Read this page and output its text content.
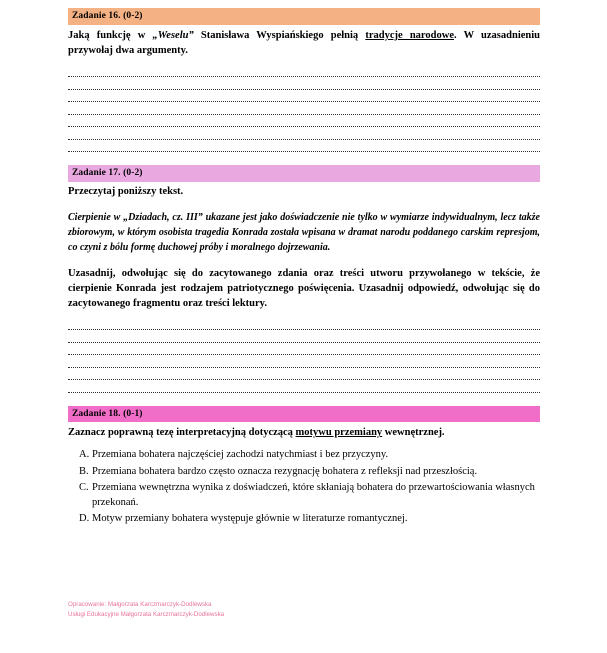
Zadanie 16. (0-2)
Jaką funkcję w „Weselu” Stanisława Wyspiańskiego pełnią tradycje narodowe. W uzasadnieniu przywołaj dwa argumenty.
Zadanie 17. (0-2)
Przeczytaj poniższy tekst.
Cierpienie w „Dziadach, cz. III” ukazane jest jako doświadczenie nie tylko w wymiarze indywidualnym, lecz także zbiorowym, w którym osobista tragedia Konrada została wpisana w dramat narodu poddanego carskim represjom, co czyni z bólu formę duchowej próby i moralnego dojrzewania.
Uzasadnij, odwołując się do zacytowanego zdania oraz treści utworu przywołanego w tekście, że cierpienie Konrada jest rodzajem patriotycznego poświęcenia. Uzasadnij odpowiedź, odwołując się do zacytowanego fragmentu oraz treści lektury.
Zadanie 18. (0-1)
Zaznacz poprawną tezę interpretacyjną dotyczącą motywu przemiany wewnętrznej.
A. Przemiana bohatera najczęściej zachodzi natychmiast i bez przyczyny.
B. Przemiana bohatera bardzo często oznacza rezygnację bohatera z refleksji nad przeszłością.
C. Przemiana wewnętrzna wynika z doświadczeń, które skłaniają bohatera do przewartościowania własnych przekonań.
D. Motyw przemiany bohatera występuje głównie w literaturze romantycznej.
Opracowanie: Małgorzata Karczmarczyk-Dodlewska
Usługi Edukacyjne Małgorzata Karczmarczyk-Dodlewska
